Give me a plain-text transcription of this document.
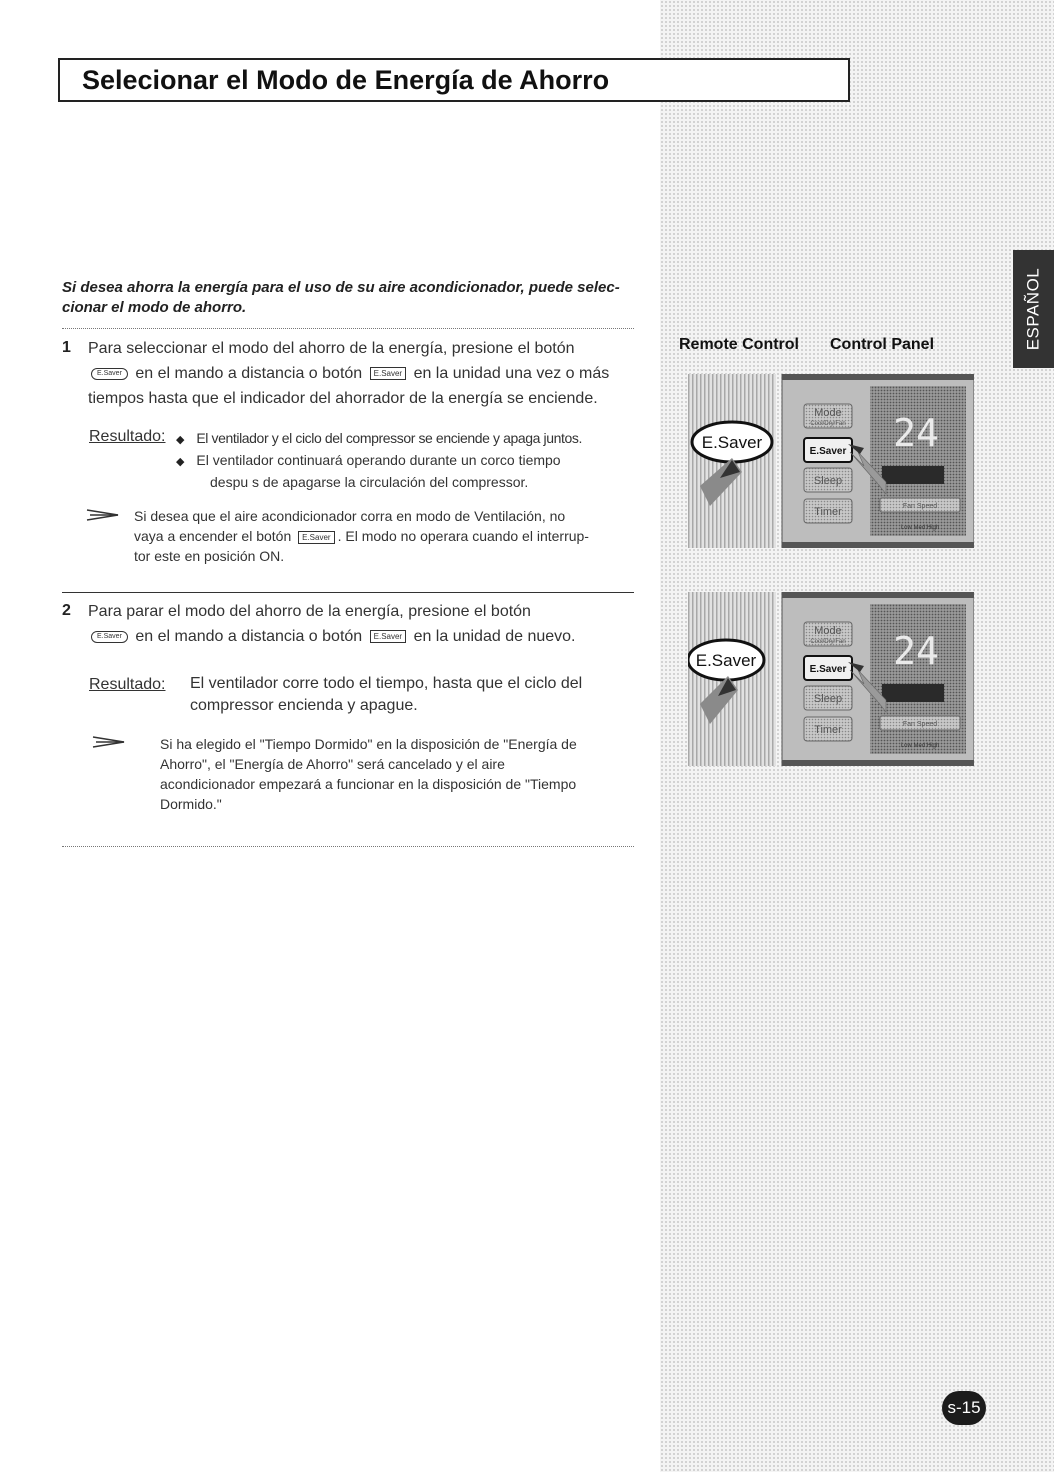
Selecionar el Modo de Energía de Ahorro
ESPAÑOL
Si desea ahorra la energía para el uso de su aire acondicionador, puede selec-
cionar el modo de ahorro.
1 Para seleccionar el modo del ahorro de la energía, presione el botón
E.Saver en el mando a distancia o botón E.Saver en la unidad una vez o más
tiempos hasta que el indicador del ahorrador de la energía se enciende.
Resultado: ◆ El ventilador y el ciclo del compressor se enciende y apaga juntos.
◆ El ventilador continuará operando durante un corco tiempo
despu s de apagarse la circulación del compressor.
Si desea que el aire acondicionador corra en modo de Ventilación, no
vaya a encender el botón E.Saver . El modo no operara cuando el interrup-
tor este en posición ON.
2 Para parar el modo del ahorro de la energía, presione el botón
E.Saver en el mando a distancia o botón E.Saver en la unidad de nuevo.
Resultado: El ventilador corre todo el tiempo, hasta que el ciclo del
compressor encienda y apague.
Si ha elegido el "Tiempo Dormido" en la disposición de "Energía de
Ahorro", el "Energía de Ahorro" será cancelado y el aire
acondicionador empezará a funcionar en la disposición de "Tiempo
Dormido."
Remote Control Control Panel
Mode
Cool/Dry/Fan
E.Saver
Sleep
Timer
24
Fan Speed
Low Med High
E.Saver
Mode
Cool/Dry/Fan
E.Saver
Sleep
Timer
24
Fan Speed
Low Med High
E.Saver
s-15
